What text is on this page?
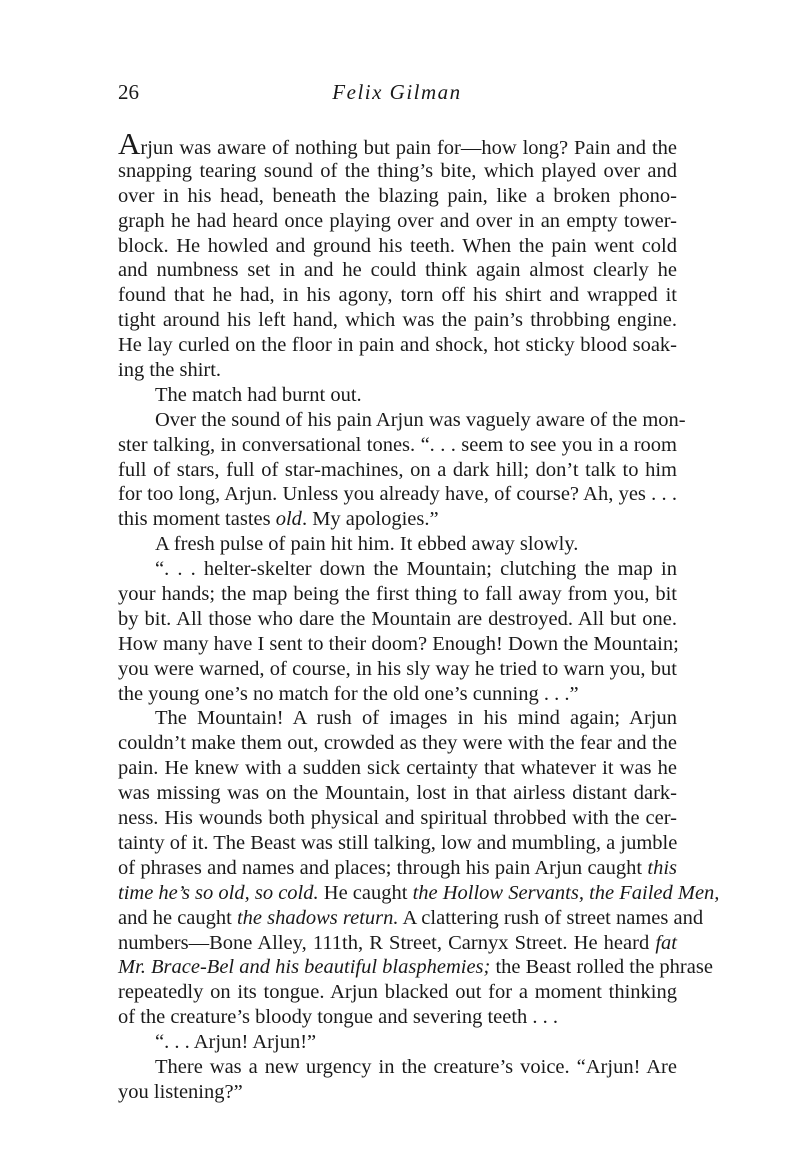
26	Felix Gilman
Arjun was aware of nothing but pain for—how long? Pain and the
snapping tearing sound of the thing’s bite, which played over and
over in his head, beneath the blazing pain, like a broken phono-
graph he had heard once playing over and over in an empty tower-
block. He howled and ground his teeth. When the pain went cold
and numbness set in and he could think again almost clearly he
found that he had, in his agony, torn off his shirt and wrapped it
tight around his left hand, which was the pain’s throbbing engine.
He lay curled on the floor in pain and shock, hot sticky blood soak-
ing the shirt.
The match had burnt out.
Over the sound of his pain Arjun was vaguely aware of the mon-
ster talking, in conversational tones. “. . . seem to see you in a room
full of stars, full of star-machines, on a dark hill; don’t talk to him
for too long, Arjun. Unless you already have, of course? Ah, yes . . .
this moment tastes old. My apologies.”
A fresh pulse of pain hit him. It ebbed away slowly.
“. . . helter-skelter down the Mountain; clutching the map in
your hands; the map being the first thing to fall away from you, bit
by bit. All those who dare the Mountain are destroyed. All but one.
How many have I sent to their doom? Enough! Down the Mountain;
you were warned, of course, in his sly way he tried to warn you, but
the young one’s no match for the old one’s cunning . . .”
The Mountain! A rush of images in his mind again; Arjun
couldn’t make them out, crowded as they were with the fear and the
pain. He knew with a sudden sick certainty that whatever it was he
was missing was on the Mountain, lost in that airless distant dark-
ness. His wounds both physical and spiritual throbbed with the cer-
tainty of it. The Beast was still talking, low and mumbling, a jumble
of phrases and names and places; through his pain Arjun caught this
time he’s so old, so cold. He caught the Hollow Servants, the Failed Men,
and he caught the shadows return. A clattering rush of street names and
numbers—Bone Alley, 111th, R Street, Carnyx Street. He heard fat
Mr. Brace-Bel and his beautiful blasphemies; the Beast rolled the phrase
repeatedly on its tongue. Arjun blacked out for a moment thinking
of the creature’s bloody tongue and severing teeth . . .
“. . . Arjun! Arjun!”
There was a new urgency in the creature’s voice. “Arjun! Are
you listening?”
